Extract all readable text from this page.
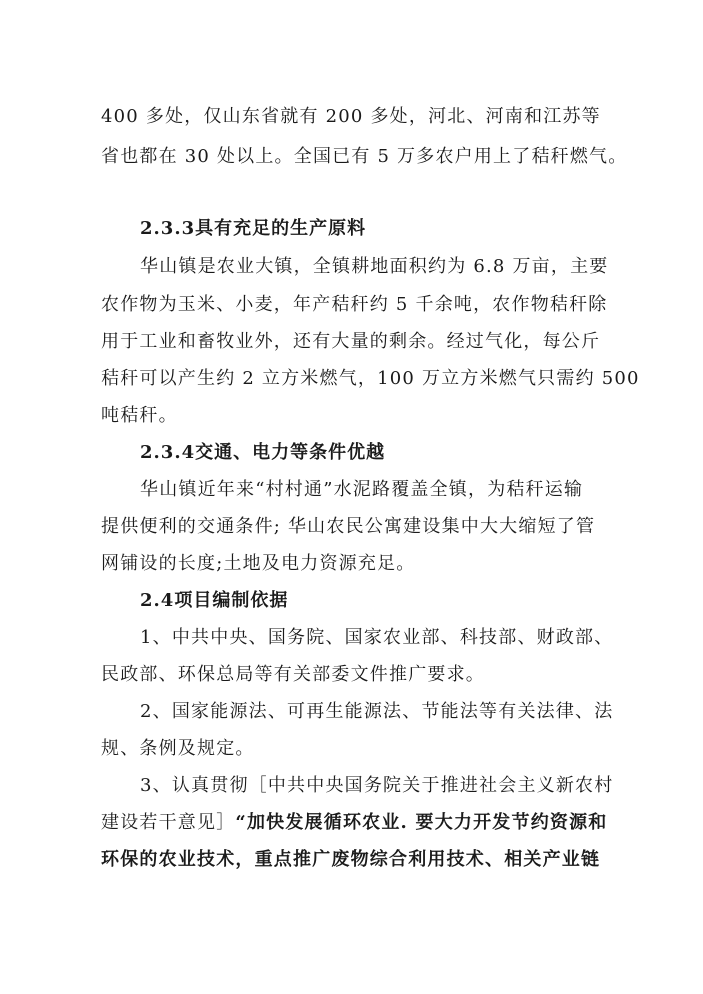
400 多处，仅山东省就有 200 多处，河北、河南和江苏等
省也都在 30 处以上。全国已有 5 万多农户用上了秸秆燃气。
2.3.3具有充足的生产原料
华山镇是农业大镇，全镇耕地面积约为 6.8 万亩，主要
农作物为玉米、小麦，年产秸秆约 5 千余吨，农作物秸秆除
用于工业和畜牧业外，还有大量的剩余。经过气化，每公斤
秸秆可以产生约 2 立方米燃气，100 万立方米燃气只需约 500
吨秸秆。
2.3.4交通、电力等条件优越
华山镇近年来“村村通”水泥路覆盖全镇，为秸秆运输
提供便利的交通条件; 华山农民公寓建设集中大大缩短了管
网铺设的长度;土地及电力资源充足。
2.4项目编制依据
1、中共中央、国务院、国家农业部、科技部、财政部、
民政部、环保总局等有关部委文件推广要求。
2、国家能源法、可再生能源法、节能法等有关法律、法
规、条例及规定。
3、认真贯彻［中共中央国务院关于推进社会主义新农村
建设若干意见］“加快发展循环农业. 要大力开发节约资源和
环保的农业技术，重点推广废物综合利用技术、相关产业链
